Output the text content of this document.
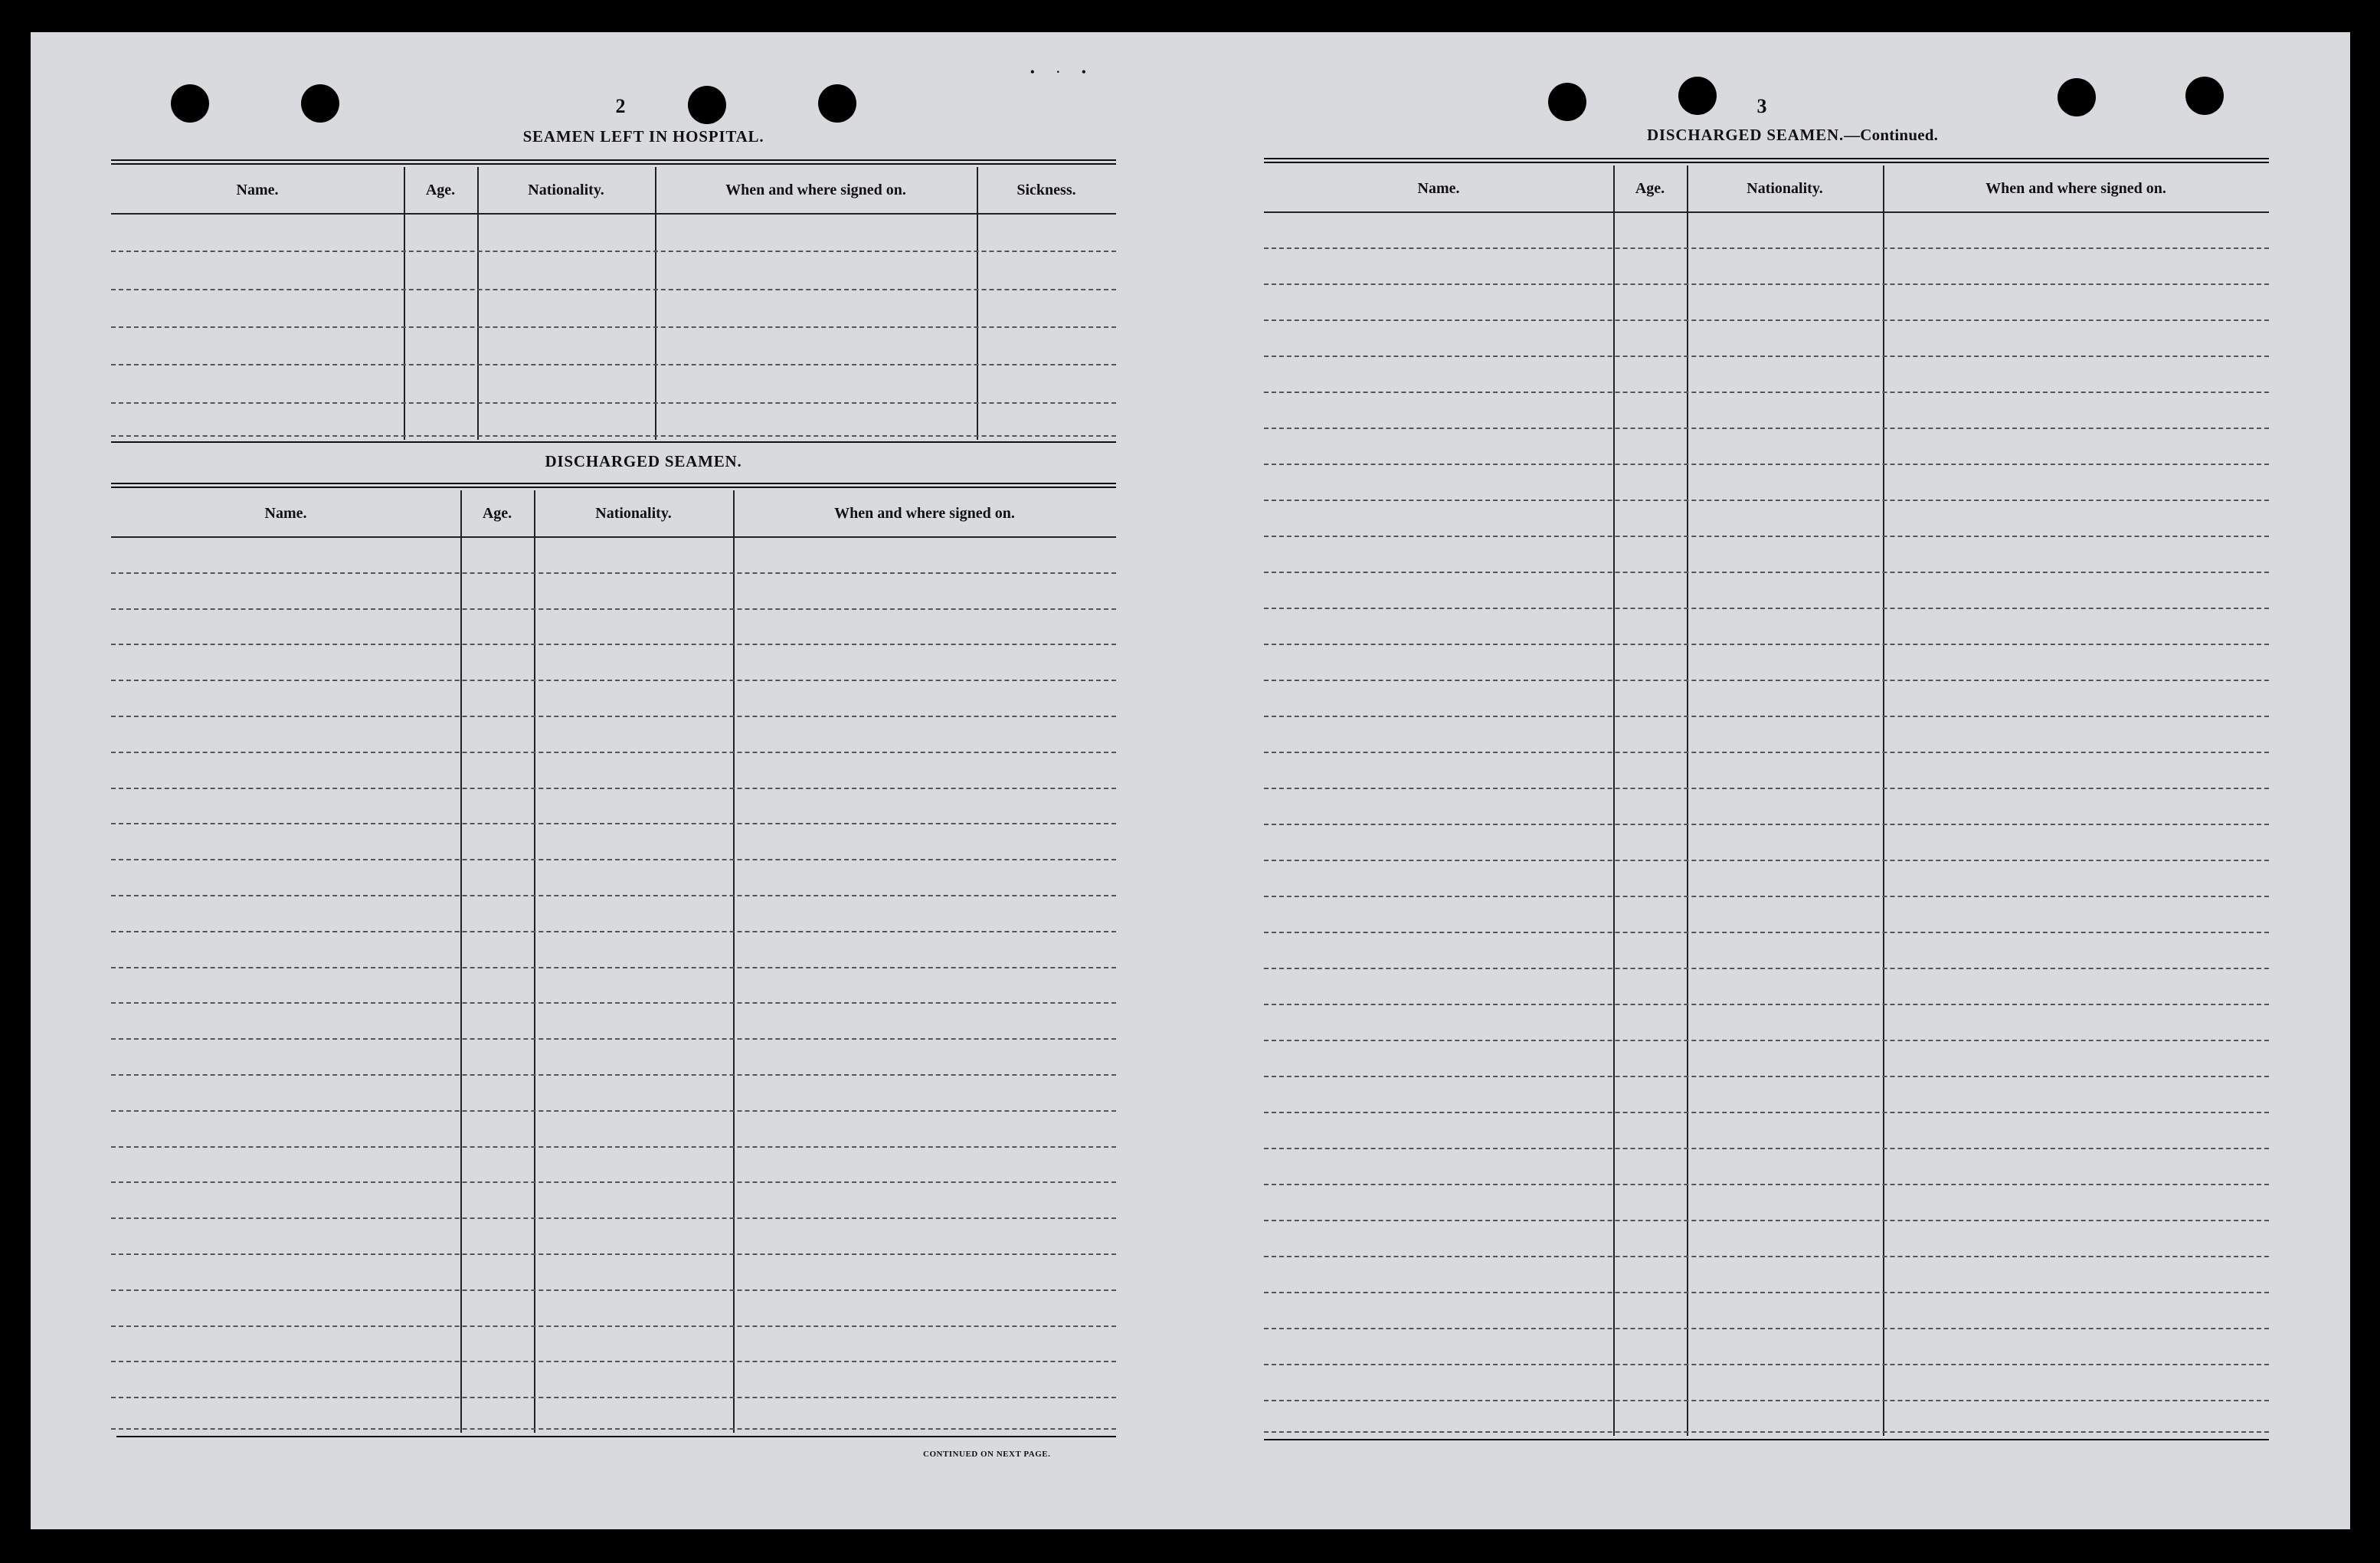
2
SEAMEN LEFT IN HOSPITAL.
Name.	Age.	Nationality.	When and where signed on.	Sickness.
DISCHARGED SEAMEN.
Name.	Age.	Nationality.	When and where signed on.
CONTINUED ON NEXT PAGE.
• · •
3
DISCHARGED SEAMEN.—Continued.
Name.	Age.	Nationality.	When and where signed on.
